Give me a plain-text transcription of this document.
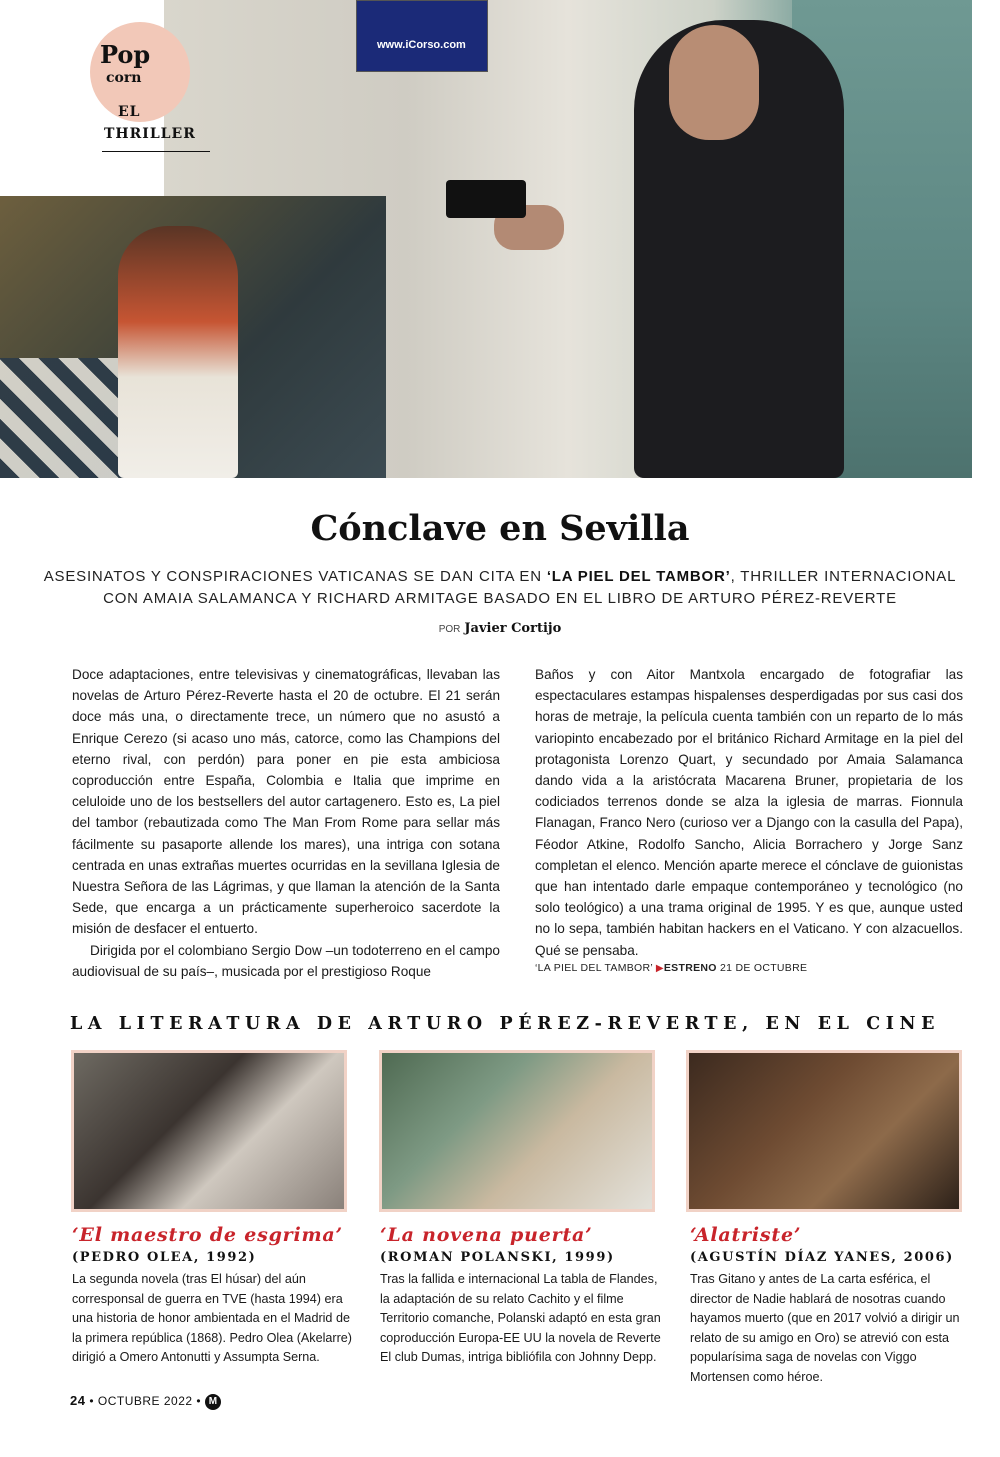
www.iCorso.com
Pop
corn
EL
THRILLER
Cónclave en Sevilla
ASESINATOS Y CONSPIRACIONES VATICANAS SE DAN CITA EN ‘LA PIEL DEL TAMBOR’, THRILLER INTERNACIONAL CON AMAIA SALAMANCA Y RICHARD ARMITAGE BASADO EN EL LIBRO DE ARTURO PÉREZ-REVERTE
POR Javier Cortijo

Doce adaptaciones, entre televisivas y cinematográficas, llevaban las novelas de Arturo Pérez-Reverte hasta el 20 de octubre. El 21 serán doce más una, o directamente trece, un número que no asustó a Enrique Cerezo (si acaso uno más, catorce, como las Champions del eterno rival, con perdón) para poner en pie esta ambiciosa coproducción entre España, Colombia e Italia que imprime en celuloide uno de los bestsellers del autor cartagenero. Esto es, La piel del tambor (rebautizada como The Man From Rome para sellar más fácilmente su pasaporte allende los mares), una intriga con sotana centrada en unas extrañas muertes ocurridas en la sevillana Iglesia de Nuestra Señora de las Lágrimas, y que llaman la atención de la Santa Sede, que encarga a un prácticamente superheroico sacerdote la misión de desfacer el entuerto.

Dirigida por el colombiano Sergio Dow –un todoterreno en el campo audiovisual de su país–, musicada por el prestigioso Roque

Baños y con Aitor Mantxola encargado de fotografiar las espectaculares estampas hispalenses desperdigadas por sus casi dos horas de metraje, la película cuenta también con un reparto de lo más variopinto encabezado por el británico Richard Armitage en la piel del protagonista Lorenzo Quart, y secundado por Amaia Salamanca dando vida a la aristócrata Macarena Bruner, propietaria de los codiciados terrenos donde se alza la iglesia de marras. Fionnula Flanagan, Franco Nero (curioso ver a Django con la casulla del Papa), Féodor Atkine, Rodolfo Sancho, Alicia Borrachero y Jorge Sanz completan el elenco. Mención aparte merece el cónclave de guionistas que han intentado darle empaque contemporáneo y tecnológico (no solo teológico) a una trama original de 1995. Y es que, aunque usted no lo sepa, también habitan hackers en el Vaticano. Y con alzacuellos. Qué se pensaba.

‘LA PIEL DEL TAMBOR’ ▶ESTRENO 21 DE OCTUBRE
LA LITERATURA DE ARTURO PÉREZ-REVERTE, EN EL CINE
‘El maestro de esgrima’
(PEDRO OLEA, 1992)
La segunda novela (tras El húsar) del aún corresponsal de guerra en TVE (hasta 1994) era una historia de honor ambientada en el Madrid de la primera república (1868). Pedro Olea (Akelarre) dirigió a Omero Antonutti y Assumpta Serna.
‘La novena puerta’
(ROMAN POLANSKI, 1999)
Tras la fallida e internacional La tabla de Flandes, la adaptación de su relato Cachito y el filme Territorio comanche, Polanski adaptó en esta gran coproducción Europa-EE UU la novela de Reverte El club Dumas, intriga bibliófila con Johnny Depp.
‘Alatriste’
(AGUSTÍN DÍAZ YANES, 2006)
Tras Gitano y antes de La carta esférica, el director de Nadie hablará de nosotras cuando hayamos muerto (que en 2017 volvió a dirigir un relato de su amigo en Oro) se atrevió con esta popularísima saga de novelas con Viggo Mortensen como héroe.
24 • OCTUBRE 2022 • M
